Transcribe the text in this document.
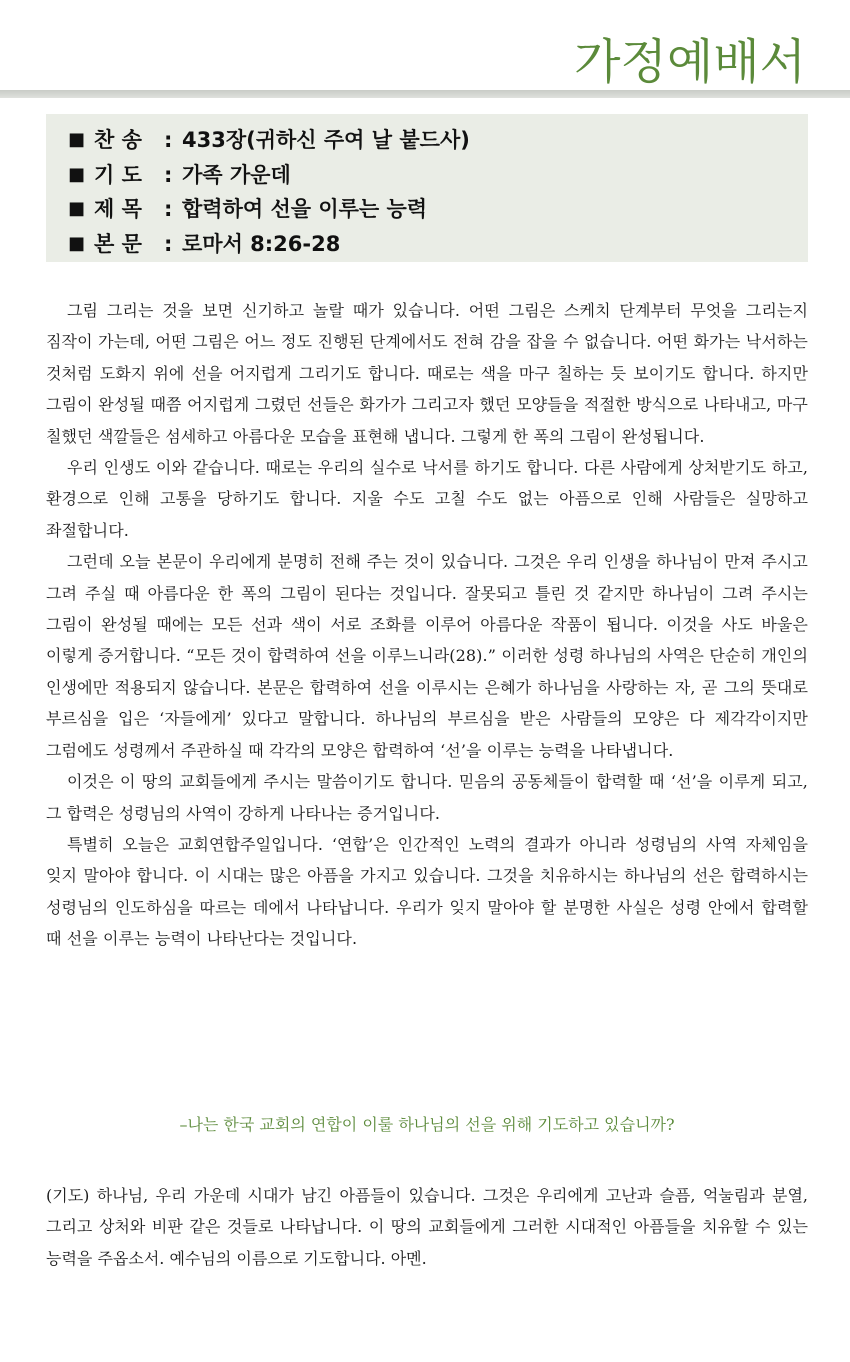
가정예배서
■ 찬 송	: 433장(귀하신 주여 날 붙드사)
■ 기 도	: 가족 가운데
■ 제 목	: 합력하여 선을 이루는 능력
■ 본 문	: 로마서 8:26-28

그림 그리는 것을 보면 신기하고 놀랄 때가 있습니다. 어떤 그림은 스케치 단계부터 무엇을 그리는지 짐작이 가는데, 어떤 그림은 어느 정도 진행된 단계에서도 전혀 감을 잡을 수 없습니다. 어떤 화가는 낙서하는 것처럼 도화지 위에 선을 어지럽게 그리기도 합니다. 때로는 색을 마구 칠하는 듯 보이기도 합니다. 하지만 그림이 완성될 때쯤 어지럽게 그렸던 선들은 화가가 그리고자 했던 모양들을 적절한 방식으로 나타내고, 마구 칠했던 색깔들은 섬세하고 아름다운 모습을 표현해 냅니다. 그렇게 한 폭의 그림이 완성됩니다.

우리 인생도 이와 같습니다. 때로는 우리의 실수로 낙서를 하기도 합니다. 다른 사람에게 상처받기도 하고, 환경으로 인해 고통을 당하기도 합니다. 지울 수도 고칠 수도 없는 아픔으로 인해 사람들은 실망하고 좌절합니다.

그런데 오늘 본문이 우리에게 분명히 전해 주는 것이 있습니다. 그것은 우리 인생을 하나님이 만져 주시고 그려 주실 때 아름다운 한 폭의 그림이 된다는 것입니다. 잘못되고 틀린 것 같지만 하나님이 그려 주시는 그림이 완성될 때에는 모든 선과 색이 서로 조화를 이루어 아름다운 작품이 됩니다. 이것을 사도 바울은 이렇게 증거합니다. “모든 것이 합력하여 선을 이루느니라(28).” 이러한 성령 하나님의 사역은 단순히 개인의 인생에만 적용되지 않습니다. 본문은 합력하여 선을 이루시는 은혜가 하나님을 사랑하는 자, 곧 그의 뜻대로 부르심을 입은 ‘자들에게’ 있다고 말합니다. 하나님의 부르심을 받은 사람들의 모양은 다 제각각이지만 그럼에도 성령께서 주관하실 때 각각의 모양은 합력하여 ‘선’을 이루는 능력을 나타냅니다.

이것은 이 땅의 교회들에게 주시는 말씀이기도 합니다. 믿음의 공동체들이 합력할 때 ‘선’을 이루게 되고, 그 합력은 성령님의 사역이 강하게 나타나는 증거입니다.

특별히 오늘은 교회연합주일입니다. ‘연합’은 인간적인 노력의 결과가 아니라 성령님의 사역 자체임을 잊지 말아야 합니다. 이 시대는 많은 아픔을 가지고 있습니다. 그것을 치유하시는 하나님의 선은 합력하시는 성령님의 인도하심을 따르는 데에서 나타납니다. 우리가 잊지 말아야 할 분명한 사실은 성령 안에서 합력할 때 선을 이루는 능력이 나타난다는 것입니다.

–나는 한국 교회의 연합이 이룰 하나님의 선을 위해 기도하고 있습니까?

(기도) 하나님, 우리 가운데 시대가 남긴 아픔들이 있습니다. 그것은 우리에게 고난과 슬픔, 억눌림과 분열, 그리고 상처와 비판 같은 것들로 나타납니다. 이 땅의 교회들에게 그러한 시대적인 아픔들을 치유할 수 있는 능력을 주옵소서. 예수님의 이름으로 기도합니다. 아멘.
